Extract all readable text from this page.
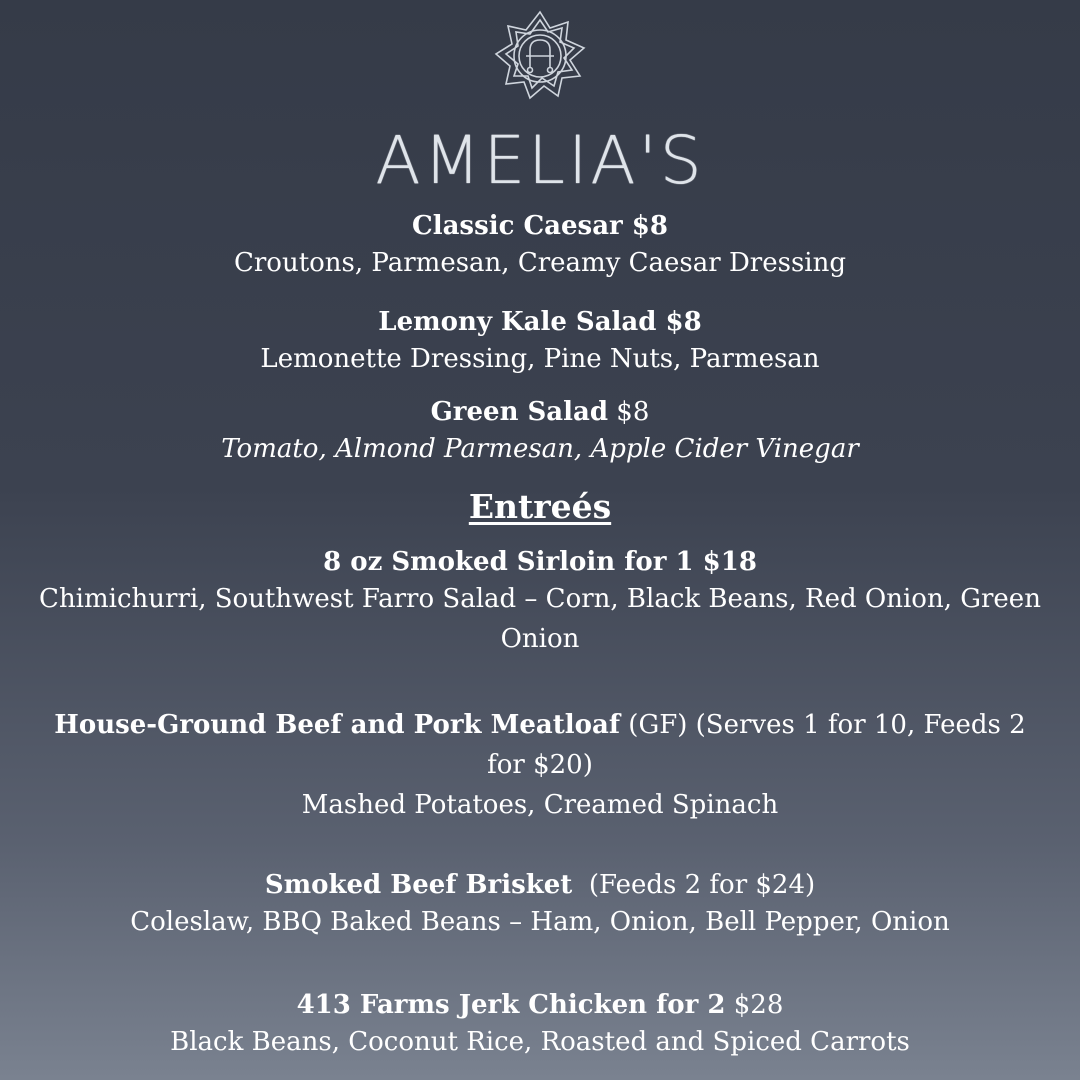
AMELIA'S
Classic Caesar $8
Croutons, Parmesan, Creamy Caesar Dressing
Lemony Kale Salad $8
Lemonette Dressing, Pine Nuts, Parmesan
Green Salad $8
Tomato, Almond Parmesan, Apple Cider Vinegar
Entreés
8 oz Smoked Sirloin for 1 $18
Chimichurri, Southwest Farro Salad – Corn, Black Beans, Red Onion, Green Onion
House-Ground Beef and Pork Meatloaf (GF) (Serves 1 for 10, Feeds 2 for $20)
Mashed Potatoes, Creamed Spinach
Smoked Beef Brisket  (Feeds 2 for $24)
Coleslaw, BBQ Baked Beans – Ham, Onion, Bell Pepper, Onion
413 Farms Jerk Chicken for 2 $28
Black Beans, Coconut Rice, Roasted and Spiced Carrots
